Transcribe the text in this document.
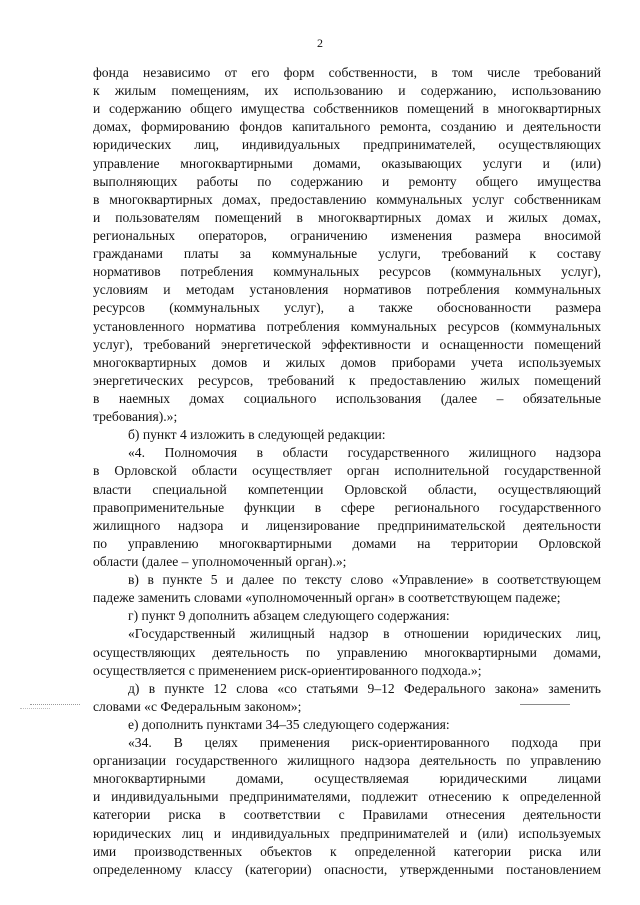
2
фонда независимо от его форм собственности, в том числе требований
к жилым помещениям, их использованию и содержанию, использованию
и содержанию общего имущества собственников помещений в многоквартирных
домах, формированию фондов капитального ремонта, созданию и деятельности
юридических лиц, индивидуальных предпринимателей, осуществляющих
управление многоквартирными домами, оказывающих услуги и (или)
выполняющих работы по содержанию и ремонту общего имущества
в многоквартирных домах, предоставлению коммунальных услуг собственникам
и пользователям помещений в многоквартирных домах и жилых домах,
региональных операторов, ограничению изменения размера вносимой
гражданами платы за коммунальные услуги, требований к составу
нормативов потребления коммунальных ресурсов (коммунальных услуг),
условиям и методам установления нормативов потребления коммунальных
ресурсов (коммунальных услуг), а также обоснованности размера
установленного норматива потребления коммунальных ресурсов (коммунальных
услуг), требований энергетической эффективности и оснащенности помещений
многоквартирных домов и жилых домов приборами учета используемых
энергетических ресурсов, требований к предоставлению жилых помещений
в наемных домах социального использования (далее – обязательные
требования).»;
б) пункт 4 изложить в следующей редакции:
«4. Полномочия в области государственного жилищного надзора
в Орловской области осуществляет орган исполнительной государственной
власти специальной компетенции Орловской области, осуществляющий
правоприменительные функции в сфере регионального государственного
жилищного надзора и лицензирование предпринимательской деятельности
по управлению многоквартирными домами на территории Орловской
области (далее – уполномоченный орган).»;
в) в пункте 5 и далее по тексту слово «Управление» в соответствующем
падеже заменить словами «уполномоченный орган» в соответствующем падеже;
г) пункт 9 дополнить абзацем следующего содержания:
«Государственный жилищный надзор в отношении юридических лиц,
осуществляющих деятельность по управлению многоквартирными домами,
осуществляется с применением риск-ориентированного подхода.»;
д) в пункте 12 слова «со статьями 9–12 Федерального закона» заменить
словами «с Федеральным законом»;
е) дополнить пунктами 34–35 следующего содержания:
«34. В целях применения риск-ориентированного подхода при
организации государственного жилищного надзора деятельность по управлению
многоквартирными домами, осуществляемая юридическими лицами
и индивидуальными предпринимателями, подлежит отнесению к определенной
категории риска в соответствии с Правилами отнесения деятельности
юридических лиц и индивидуальных предпринимателей и (или) используемых
ими производственных объектов к определенной категории риска или
определенному классу (категории) опасности, утвержденными постановлением
